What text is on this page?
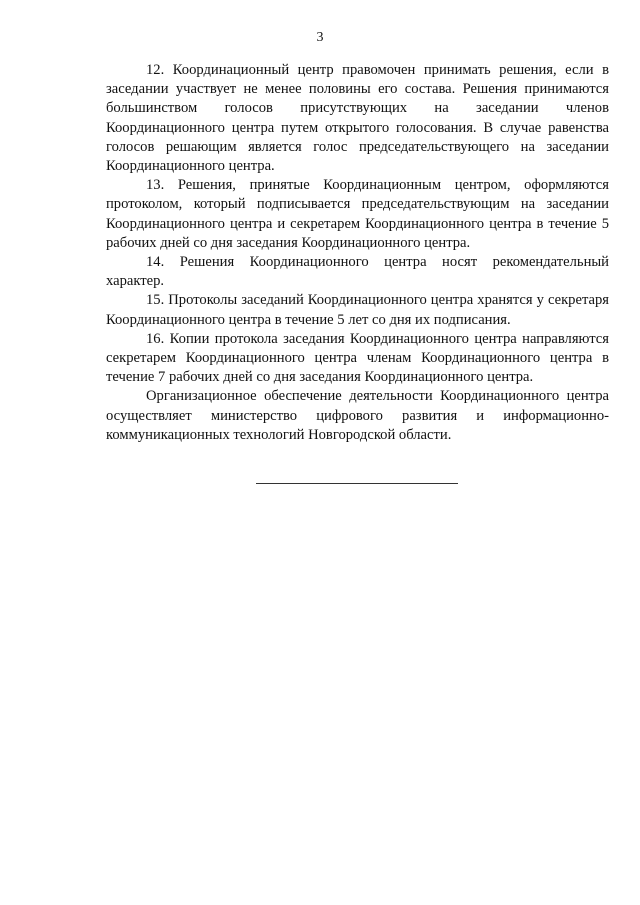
3

12. Координационный центр правомочен принимать решения, если в заседании участвует не менее половины его состава. Решения принимаются большинством голосов присутствующих на заседании членов Координационного центра путем открытого голосования. В случае равенства голосов решающим является голос председательствующего на заседании Координационного центра.

13. Решения, принятые Координационным центром, оформляются протоколом, который подписывается председательствующим на заседании Координационного центра и секретарем Координационного центра в течение 5 рабочих дней со дня заседания Координационного центра.

14. Решения Координационного центра носят рекомендательный характер.

15. Протоколы заседаний Координационного центра хранятся у секретаря Координационного центра в течение 5 лет со дня их подписания.

16. Копии протокола заседания Координационного центра направляются секретарем Координационного центра членам Координационного центра в течение 7 рабочих дней со дня заседания Координационного центра.

Организационное обеспечение деятельности Координационного центра осуществляет министерство цифрового развития и информационно-коммуникационных технологий Новгородской области.
